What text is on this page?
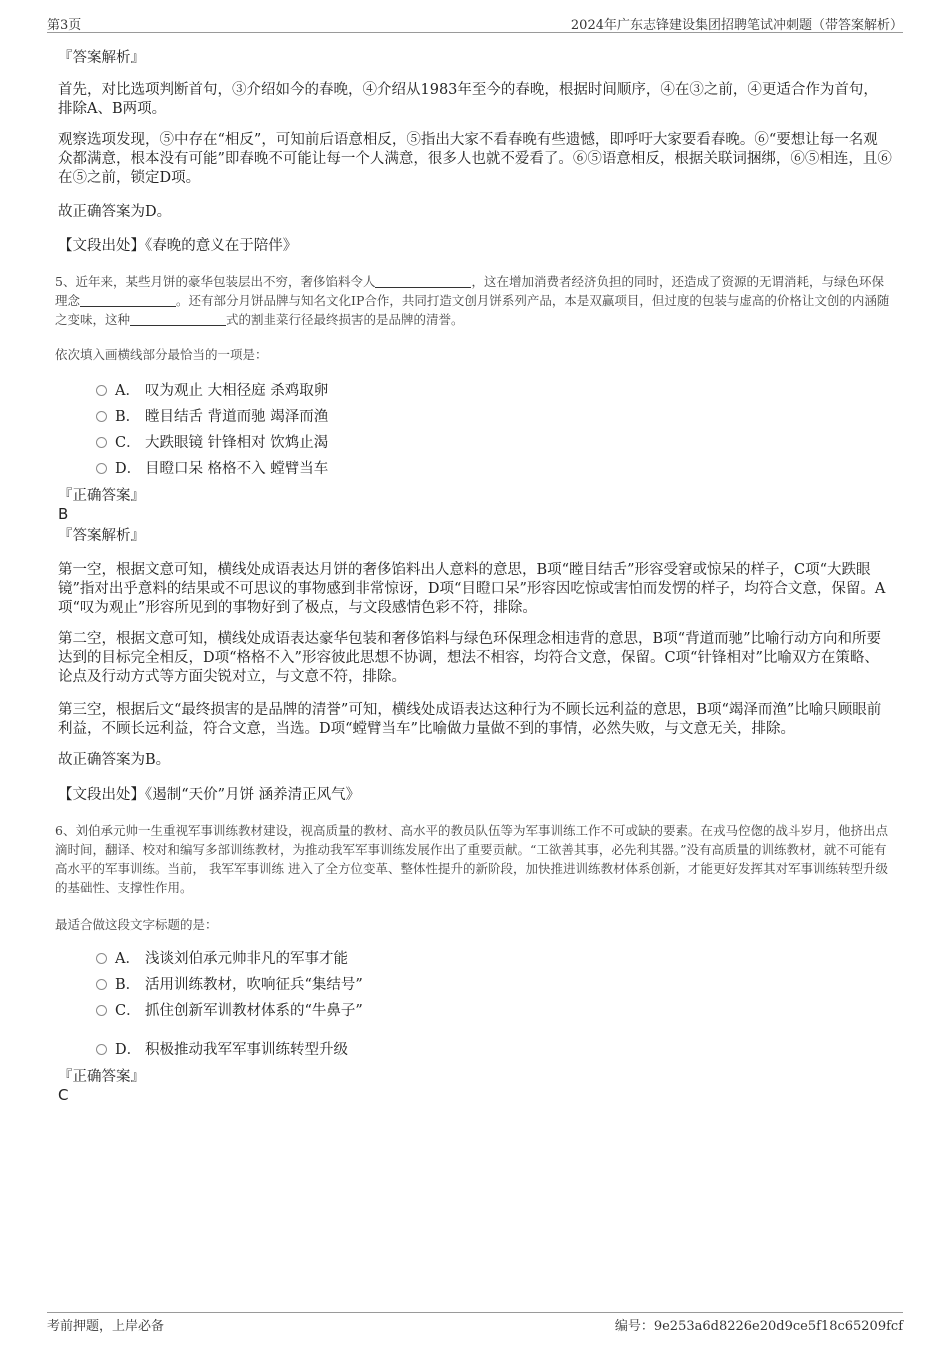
第3页	2024年广东志锋建设集团招聘笔试冲刺题（带答案解析）
『答案解析』
首先，对比选项判断首句，③介绍如今的春晚，④介绍从1983年至今的春晚，根据时间顺序，④在③之前，④更适合作为首句，排除A、B两项。
观察选项发现，⑤中存在“相反”，可知前后语意相反，⑤指出大家不看春晚有些遗憾，即呼吁大家要看春晚。⑥“要想让每一名观众都满意，根本没有可能”即春晚不可能让每一个人满意，很多人也就不爱看了。⑥⑤语意相反，根据关联词捆绑，⑥⑤相连，且⑥在⑤之前，锁定D项。
故正确答案为D。
【文段出处】《春晚的意义在于陪伴》
5、近年来，某些月饼的豪华包装层出不穷，奢侈馅料令人	，这在增加消费者经济负担的同时，还造成了资源的无谓消耗，与绿色环保理念	。还有部分月饼品牌与知名文化IP合作，共同打造文创月饼系列产品，本是双赢项目，但过度的包装与虚高的价格让文创的内涵随之变味，这种	式的割韭菜行径最终损害的是品牌的清誉。
依次填入画横线部分最恰当的一项是：
A． 叹为观止 大相径庭 杀鸡取卵
B． 瞠目结舌 背道而驰 竭泽而渔
C． 大跌眼镜 针锋相对 饮鸩止渴
D． 目瞪口呆 格格不入 螳臂当车
『正确答案』
B
『答案解析』
第一空，根据文意可知，横线处成语表达月饼的奢侈馅料出人意料的意思，B项“瞠目结舌”形容受窘或惊呆的样子，C项“大跌眼镜”指对出乎意料的结果或不可思议的事物感到非常惊讶，D项“目瞪口呆”形容因吃惊或害怕而发愣的样子，均符合文意，保留。A项“叹为观止”形容所见到的事物好到了极点，与文段感情色彩不符，排除。
第二空，根据文意可知，横线处成语表达豪华包装和奢侈馅料与绿色环保理念相违背的意思，B项“背道而驰”比喻行动方向和所要达到的目标完全相反，D项“格格不入”形容彼此思想不协调，想法不相容，均符合文意，保留。C项“针锋相对”比喻双方在策略、论点及行动方式等方面尖锐对立，与文意不符，排除。
第三空，根据后文“最终损害的是品牌的清誉”可知，横线处成语表达这种行为不顾长远利益的意思，B项“竭泽而渔”比喻只顾眼前利益，不顾长远利益，符合文意，当选。D项“螳臂当车”比喻做力量做不到的事情，必然失败，与文意无关，排除。
故正确答案为B。
【文段出处】《遏制“天价”月饼 涵养清正风气》
6、刘伯承元帅一生重视军事训练教材建设，视高质量的教材、高水平的教员队伍等为军事训练工作不可或缺的要素。在戎马倥偬的战斗岁月，他挤出点滴时间，翻译、校对和编写多部训练教材，为推动我军军事训练发展作出了重要贡献。“工欲善其事，必先利其器。”没有高质量的训练教材，就不可能有高水平的军事训练。当前， 我军军事训练 进入了全方位变革、整体性提升的新阶段，加快推进训练教材体系创新，才能更好发挥其对军事训练转型升级的基础性、支撑性作用。
最适合做这段文字标题的是：
A． 浅谈刘伯承元帅非凡的军事才能
B． 活用训练教材，吹响征兵“集结号”
C． 抓住创新军训教材体系的“牛鼻子”
D． 积极推动我军军事训练转型升级
『正确答案』
C
考前押题，上岸必备	编号：9e253a6d8226e20d9ce5f18c65209fcf
